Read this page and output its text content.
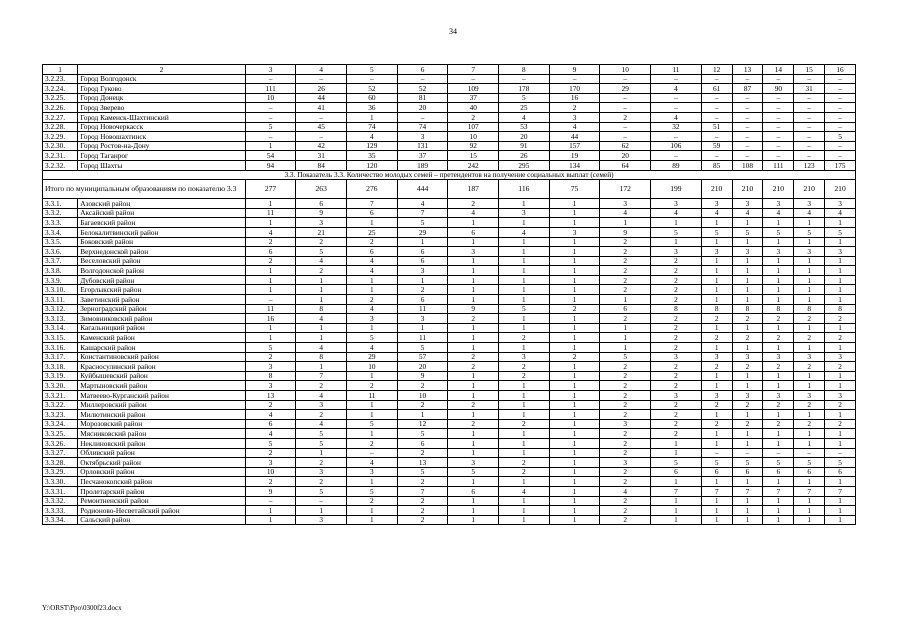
34
1	2	3	4	5	6	7	8	9	10	11	12	13	14	15	16
3.2.23.	Город Волгодонск	–	–	–	–	–	–	–	–	–	–	–	–	–	–
3.2.24.	Город Гуково	111	26	52	52	109	178	170	29	4	61	87	90	31	–
3.2.25.	Город Донецк	10	44	60	81	37	5	16	–	–	–	–	–	–	–
3.2.26.	Город Зверево	–	41	36	20	40	25	2	–	–	–	–	–	–	–
3.2.27.	Город Каменск-Шахтинский	–	–	1	–	2	4	3	2	4	–	–	–	–	–
3.2.28.	Город Новочеркасск	5	45	74	74	107	53	4	–	32	51	–	–	–	–
3.2.29.	Город Новошахтинск	–	–	4	3	10	20	44	–	–	–	–	–	–	5
3.2.30.	Город Ростов-на-Дону	1	42	129	131	92	91	157	62	106	59	–	–	–	–
3.2.31.	Город Таганрог	54	31	35	37	15	26	19	20	–	–	–	–	–	–
3.2.32.	Город Шахты	94	84	120	189	242	295	134	64	89	85	108	111	123	175
3.3. Показатель 3.3. Количество молодых семей – претендентов на получение социальных выплат (семей)															
Итого по муниципальным образованиям по показателю 3.3		277	263	276	444	187	116	75	172	199	210	210	210	210	210
3.3.1.	Азовский район	1	6	7	4	2	1	1	3	3	3	3	3	3	3
3.3.2.	Аксайский район	11	9	6	7	4	3	1	4	4	4	4	4	4	4
3.3.3.	Багаевский район	1	3	1	5	1	1	1	1	1	1	1	1	1	1
3.3.4.	Белокалитвинский район	4	21	25	29	6	4	3	9	5	5	5	5	5	5
3.3.5.	Боковский район	2	2	2	1	1	1	1	2	1	1	1	1	1	1
3.3.6.	Верхнедонской район	6	5	6	6	3	1	1	2	3	3	3	3	3	3
3.3.7.	Веселовский район	2	4	4	6	1	1	1	2	2	1	1	1	1	1
3.3.8.	Волгодонской район	1	2	4	3	1	1	1	2	2	1	1	1	1	1
3.3.9.	Дубовский район	1	1	1	1	1	1	1	2	2	1	1	1	1	1
3.3.10.	Егорлыкский район	1	1	1	2	1	1	1	2	2	1	1	1	1	1
3.3.11.	Заветинский район	–	1	2	6	1	1	1	1	2	1	1	1	1	1
3.3.12.	Зерноградский район	11	8	4	11	9	5	2	6	8	8	8	8	8	8
3.3.13.	Зимовниковский район	16	4	3	3	2	1	1	2	2	2	2	2	2	2
3.3.14.	Кагальницкий район	1	1	1	1	1	1	1	1	2	1	1	1	1	1
3.3.15.	Каменский район	1	1	5	11	1	2	1	1	2	2	2	2	2	2
3.3.16.	Кашарский район	5	4	4	5	1	1	1	1	2	1	1	1	1	1
3.3.17.	Константиновский район	2	8	29	57	2	3	2	5	3	3	3	3	3	3
3.3.18.	Красносулинский район	3	1	10	20	2	2	1	2	2	2	2	2	2	2
3.3.19.	Куйбышевский район	8	7	1	9	1	2	1	2	2	1	1	1	1	1
3.3.20.	Мартыновский район	3	2	2	2	1	1	1	2	2	1	1	1	1	1
3.3.21.	Матвеево-Курганский район	13	4	11	10	1	1	1	2	3	3	3	3	3	3
3.3.22.	Миллеровский район	2	3	1	2	2	1	1	2	2	2	2	2	2	2
3.3.23.	Милютинский район	4	2	1	1	1	1	1	2	2	1	1	1	1	1
3.3.24.	Морозовский район	6	4	5	12	2	2	1	3	2	2	2	2	2	2
3.3.25.	Мясниковский район	4	5	1	5	1	1	1	2	2	1	1	1	1	1
3.3.26.	Неклиновский район	5	5	2	6	1	1	1	2	1	1	1	1	1	1
3.3.27.	Обливский район	2	1	–	2	1	1	1	2	1	–	–	–	–	–
3.3.28.	Октябрьский район	3	2	4	13	3	2	1	3	5	5	5	5	5	5
3.3.29.	Орловский район	10	3	3	5	5	2	1	2	6	6	6	6	6	6
3.3.30.	Песчанокопский район	2	2	1	2	1	1	1	2	1	1	1	1	1	1
3.3.31.	Пролетарский район	9	5	5	7	6	4	1	4	7	7	7	7	7	7
3.3.32.	Ремонтненский район	–	–	2	2	1	1	1	2	1	1	1	1	1	1
3.3.33.	Родионово-Несветайский район	1	1	1	2	1	1	1	2	1	1	1	1	1	1
3.3.34.	Сальский район	1	3	1	2	1	1	1	2	1	1	1	1	1	1
Y:\ORST\Ppo\0300f23.docx
